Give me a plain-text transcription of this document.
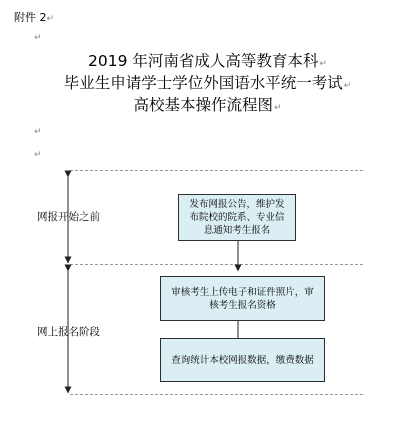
附件 2↵
↵
2019 年河南省成人高等教育本科↵
毕业生申请学士学位外国语水平统一考试↵
高校基本操作流程图↵
↵
↵
网报开始之前
网上报名阶段
发布网报公告，维护发布院校的院系、专业信息通知考生报名
审核考生上传电子和证件照片，审核考生报名资格
查询统计本校网报数据，缴费数据
